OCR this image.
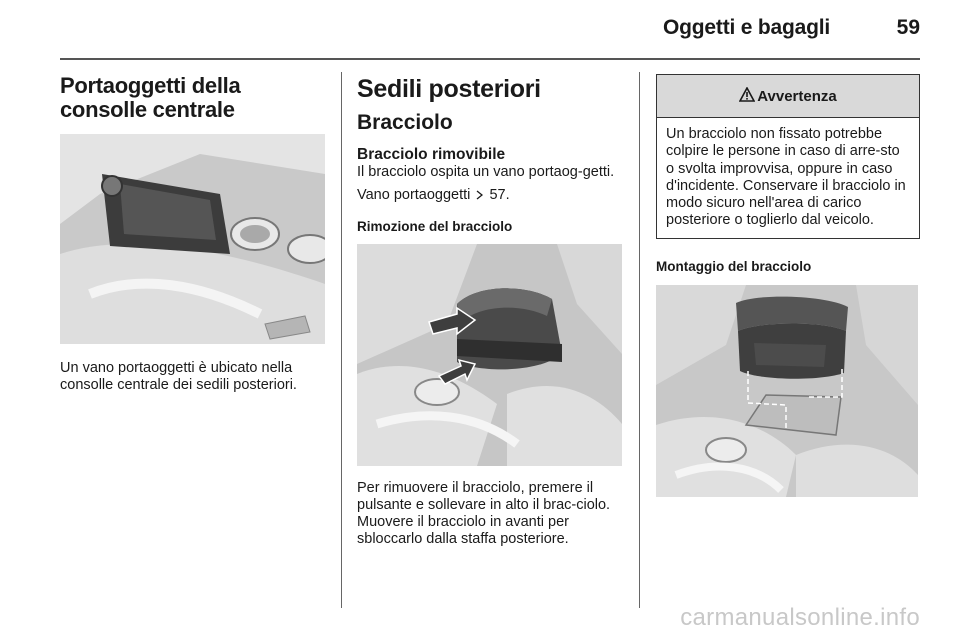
Oggetti e bagagli	59
Portaoggetti della consolle centrale

Un vano portaoggetti è ubicato nella consolle centrale dei sedili posteriori.

Sedili posteriori
Bracciolo
Bracciolo rimovibile

Il bracciolo ospita un vano portaog-getti.

Vano portaoggetti 57.

Rimozione del bracciolo

Per rimuovere il bracciolo, premere il pulsante e sollevare in alto il brac-ciolo. Muovere il bracciolo in avanti per sbloccarlo dalla staffa posteriore.

Avvertenza
Un bracciolo non fissato potrebbe colpire le persone in caso di arre-sto o svolta improvvisa, oppure in caso d'incidente. Conservare il bracciolo in modo sicuro nell'area di carico posteriore o toglierlo dal veicolo.
Montaggio del bracciolo
carmanualsonline.info
